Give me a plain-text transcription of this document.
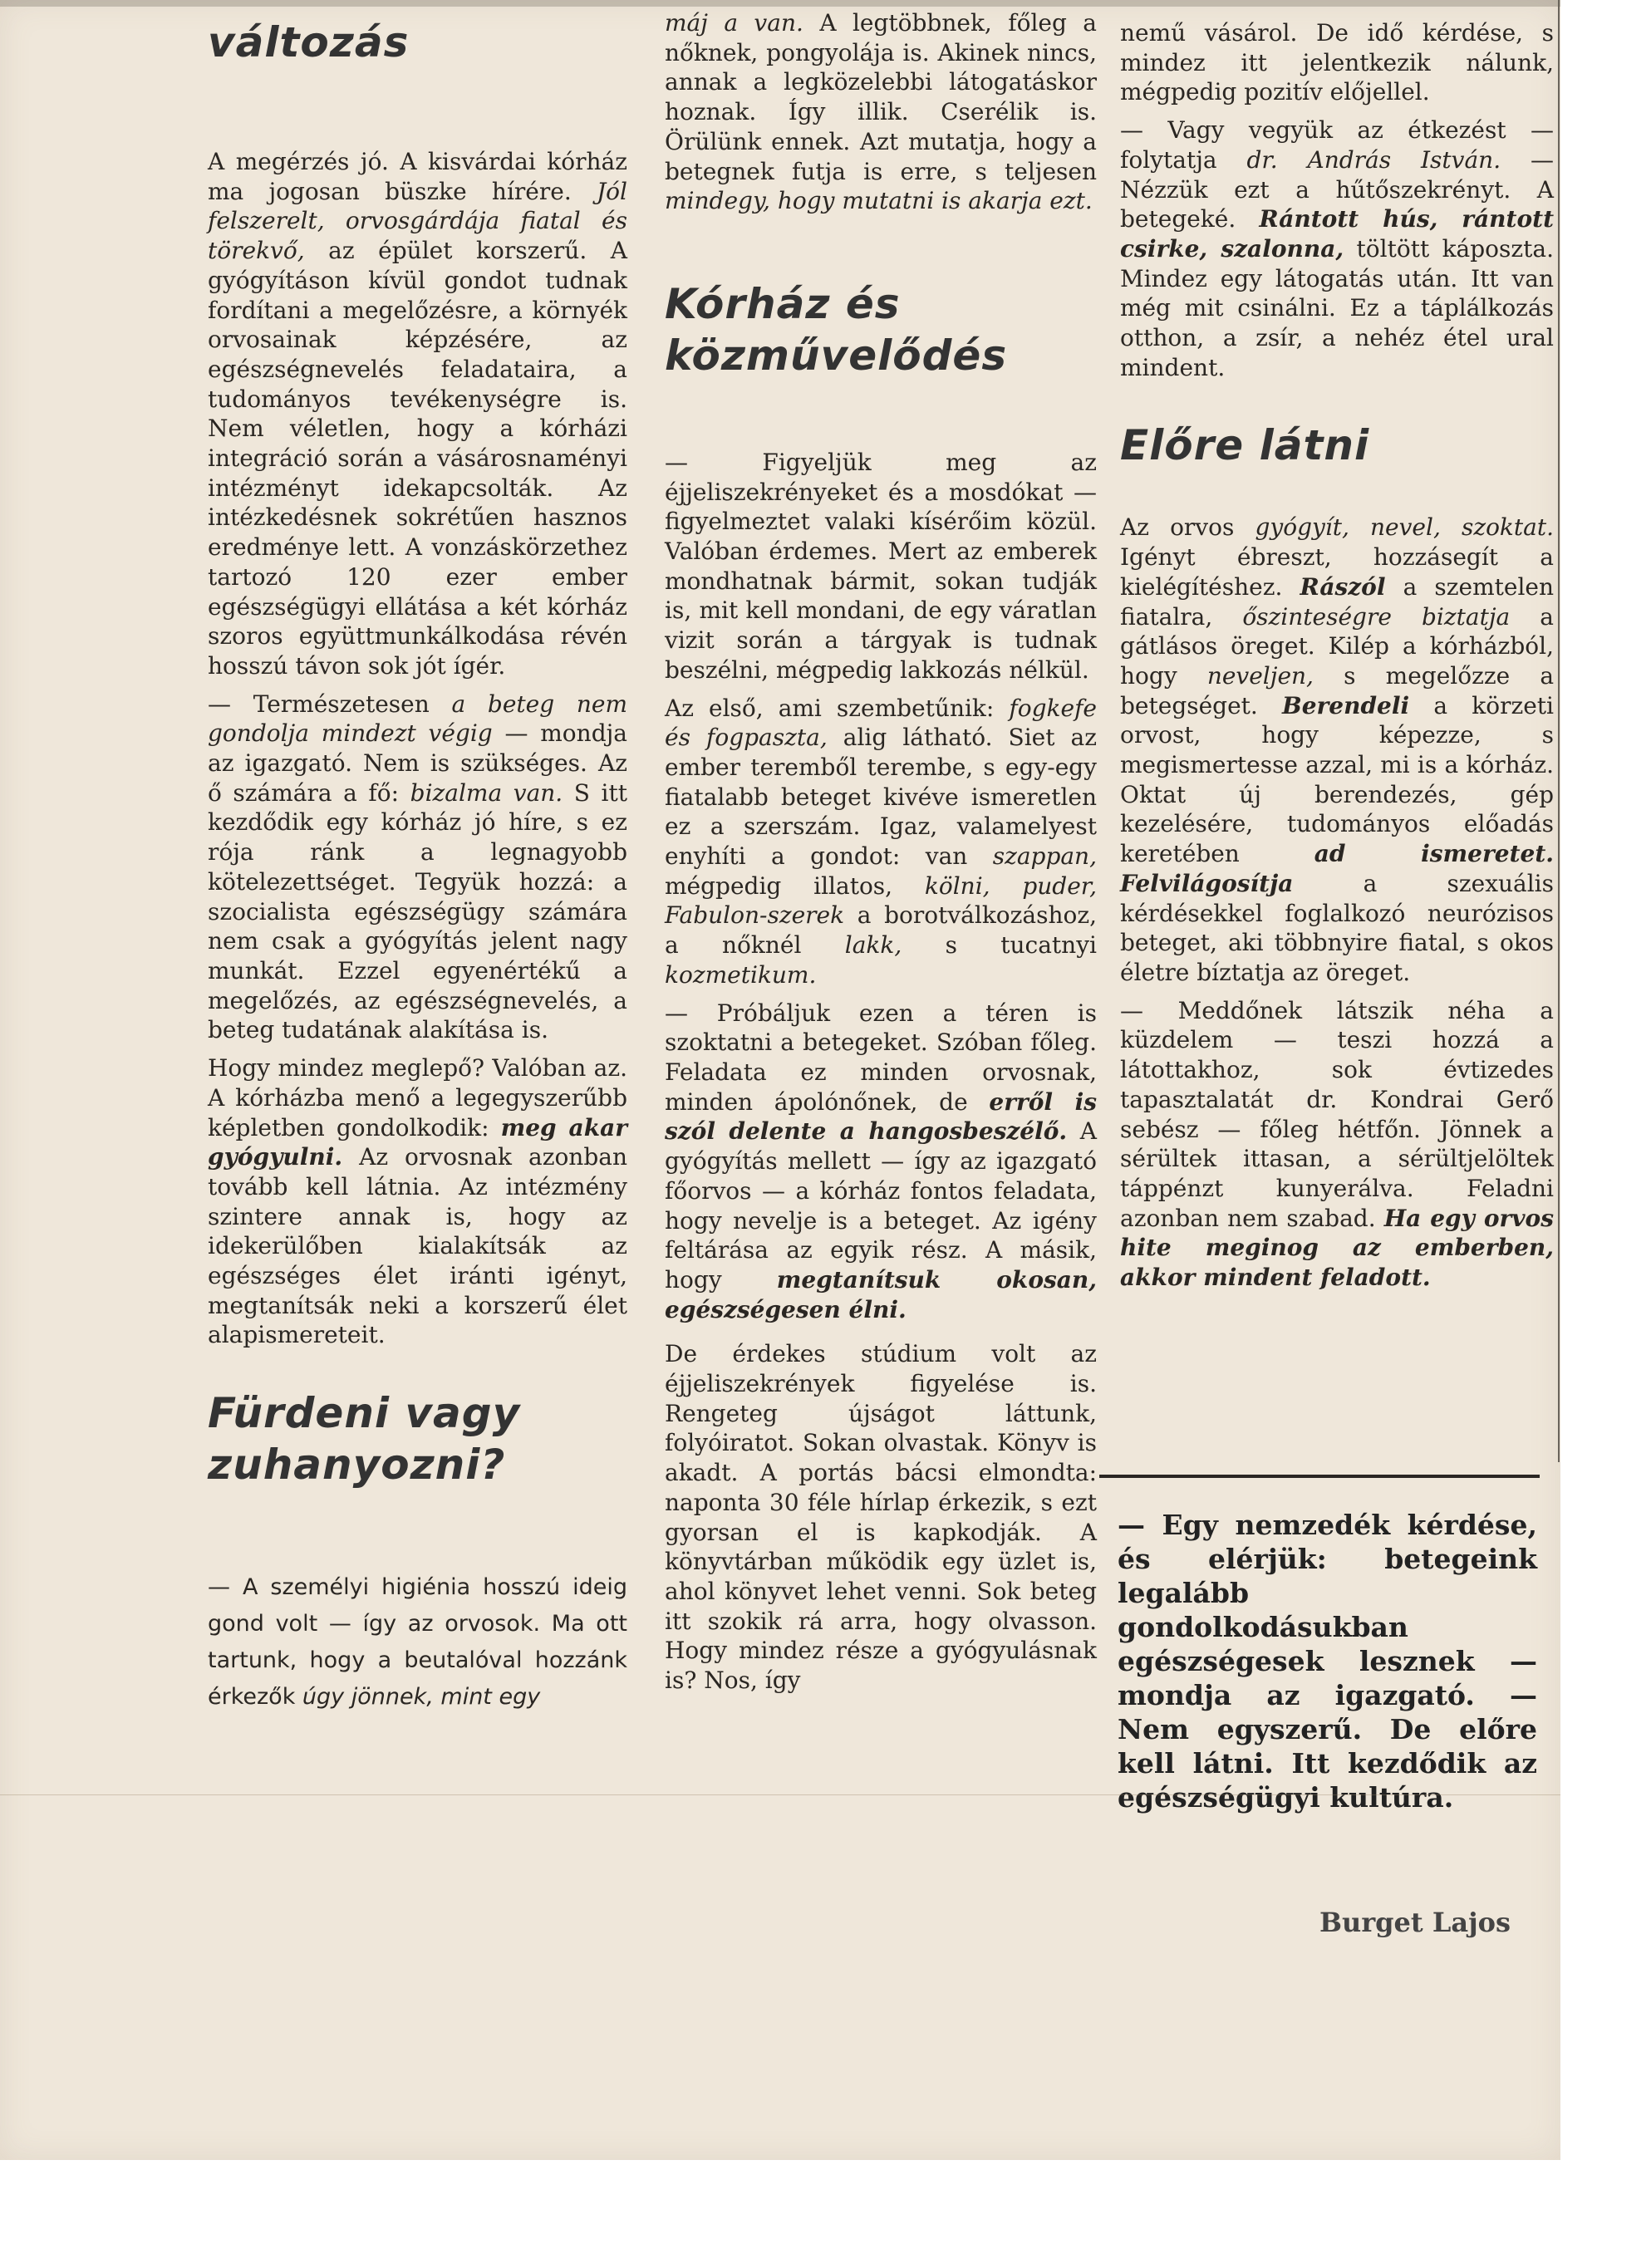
változás

A megérzés jó. A kisvárdai kórház ma jogosan büszke hírére. Jól felszerelt, orvosgárdája fiatal és törekvő, az épület korszerű. A gyógyításon kívül gondot tudnak fordítani a megelőzésre, a környék orvosainak képzésére, az egészségnevelés feladataira, a tudományos tevékenységre is. Nem véletlen, hogy a kórházi integráció során a vásárosnaményi intézményt idekapcsolták. Az intézkedésnek sokrétűen hasznos eredménye lett. A vonzáskörzethez tartozó 120 ezer ember egészségügyi ellátása a két kórház szoros együttmunkálkodása révén hosszú távon sok jót ígér.

— Természetesen a beteg nem gondolja mindezt végig — mondja az igazgató. Nem is szükséges. Az ő számára a fő: bizalma van. S itt kezdődik egy kórház jó híre, s ez rója ránk a legnagyobb kötelezettséget. Tegyük hozzá: a szocialista egészségügy számára nem csak a gyógyítás jelent nagy munkát. Ezzel egyenértékű a megelőzés, az egészségnevelés, a beteg tudatának alakítása is.

Hogy mindez meglepő? Valóban az. A kórházba menő a legegyszerűbb képletben gondolkodik: meg akar gyógyulni. Az orvosnak azonban tovább kell látnia. Az intézmény szintere annak is, hogy az idekerülőben kialakítsák az egészséges élet iránti igényt, megtanítsák neki a korszerű élet alapismereteit.

Fürdeni vagy zuhanyozni?

— A személyi higiénia hosszú ideig gond volt — így az orvosok. Ma ott tartunk, hogy a beutalóval hozzánk érkezők úgy jönnek, mint egy

máj a van. A legtöbbnek, főleg a nőknek, pongyolája is. Akinek nincs, annak a legközelebbi látogatáskor hoznak. Így illik. Cserélik is. Örülünk ennek. Azt mutatja, hogy a betegnek futja is erre, s teljesen mindegy, hogy mutatni is akarja ezt.

Kórház és közművelődés

— Figyeljük meg az éjjeliszekrényeket és a mosdókat — figyelmeztet valaki kísérőim közül. Valóban érdemes. Mert az emberek mondhatnak bármit, sokan tudják is, mit kell mondani, de egy váratlan vizit során a tárgyak is tudnak beszélni, mégpedig lakkozás nélkül.

Az első, ami szembetűnik: fogkefe és fogpaszta, alig látható. Siet az ember teremből terembe, s egy-egy fiatalabb beteget kivéve ismeretlen ez a szerszám. Igaz, valamelyest enyhíti a gondot: van szappan, mégpedig illatos, kölni, puder, Fabulon-szerek a borotválkozáshoz, a nőknél lakk, s tucatnyi kozmetikum.

— Próbáljuk ezen a téren is szoktatni a betegeket. Szóban főleg. Feladata ez minden orvosnak, minden ápolónőnek, de erről is szól delente a hangosbeszélő. A gyógyítás mellett — így az igazgató főorvos — a kórház fontos feladata, hogy nevelje is a beteget. Az igény feltárása az egyik rész. A másik, hogy megtanítsuk okosan, egészségesen élni.

De érdekes stúdium volt az éjjeliszekrények figyelése is. Rengeteg újságot láttunk, folyóiratot. Sokan olvastak. Könyv is akadt. A portás bácsi elmondta: naponta 30 féle hírlap érkezik, s ezt gyorsan el is kapkodják. A könyvtárban működik egy üzlet is, ahol könyvet lehet venni. Sok beteg itt szokik rá arra, hogy olvasson. Hogy mindez része a gyógyulásnak is? Nos, így

nemű vásárol. De idő kérdése, s mindez itt jelentkezik nálunk, mégpedig pozitív előjellel.

— Vagy vegyük az étkezést — folytatja dr. András István. — Nézzük ezt a hűtőszekrényt. A betegeké. Rántott hús, rántott csirke, szalonna, töltött káposzta. Mindez egy látogatás után. Itt van még mit csinálni. Ez a táplálkozás otthon, a zsír, a nehéz étel ural mindent.

Előre látni

Az orvos gyógyít, nevel, szoktat. Igényt ébreszt, hozzásegít a kielégítéshez. Rászól a szemtelen fiatalra, őszinteségre biztatja a gátlásos öreget. Kilép a kórházból, hogy neveljen, s megelőzze a betegséget. Berendeli a körzeti orvost, hogy képezze, s megismertesse azzal, mi is a kórház. Oktat új berendezés, gép kezelésére, tudományos előadás keretében	ad ismeretet. Felvilágosítja	a szexuális kérdésekkel foglalkozó neurózisos beteget, aki többnyire fiatal, s okos életre bíztatja az öreget.

— Meddőnek látszik néha a küzdelem — teszi hozzá a látottakhoz, sok évtizedes tapasztalatát dr. Kondrai Gerő sebész — főleg hétfőn. Jönnek a sérültek ittasan, a sérültjelöltek táppénzt kunyerálva. Feladni azonban nem szabad. Ha egy orvos hite meginog az emberben, akkor mindent feladott.

— Egy nemzedék kérdése, és elérjük: betegeink legalább gondolkodásukban egészségesek lesznek — mondja az igazgató. — Nem egyszerű. De előre kell látni. Itt kezdődik az egészségügyi kultúra.
Burget Lajos
